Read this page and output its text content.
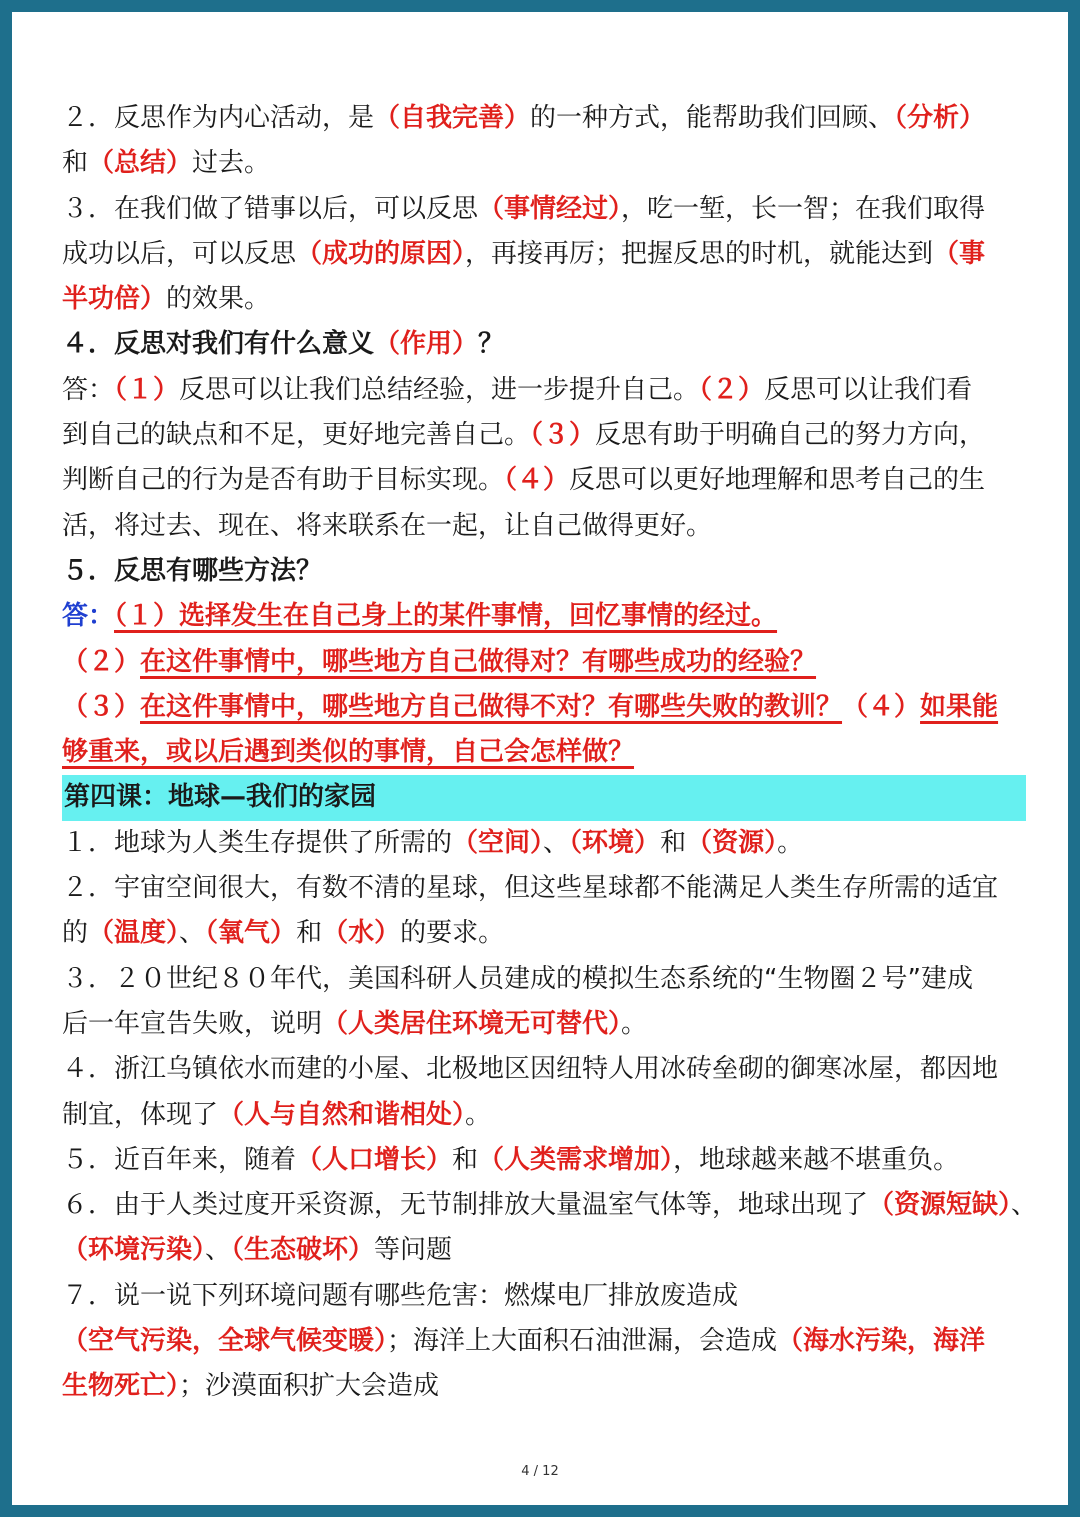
２．反思作为内心活动，是（自我完善）的一种方式，能帮助我们回顾、（分析）
和（总结）过去。
３．在我们做了错事以后，可以反思（事情经过），吃一堑，长一智；在我们取得
成功以后，可以反思（成功的原因），再接再厉；把握反思的时机，就能达到（事
半功倍）的效果。
４．反思对我们有什么意义（作用）？
答：（１）反思可以让我们总结经验，进一步提升自己。（２）反思可以让我们看
到自己的缺点和不足，更好地完善自己。（３）反思有助于明确自己的努力方向，
判断自己的行为是否有助于目标实现。（４）反思可以更好地理解和思考自己的生
活，将过去、现在、将来联系在一起，让自己做得更好。
５．反思有哪些方法？
答：（１）选择发生在自己身上的某件事情，回忆事情的经过。
（２）在这件事情中，哪些地方自己做得对？有哪些成功的经验？
（３）在这件事情中，哪些地方自己做得不对？有哪些失败的教训？（４）如果能
够重来，或以后遇到类似的事情，自己会怎样做？
第四课：地球—我们的家园
１．地球为人类生存提供了所需的（空间）、（环境）和（资源）。
２．宇宙空间很大，有数不清的星球，但这些星球都不能满足人类生存所需的适宜
的（温度）、（氧气）和（水）的要求。
３．２０世纪８０年代，美国科研人员建成的模拟生态系统的“生物圈２号”建成
后一年宣告失败，说明（人类居住环境无可替代）。
４．浙江乌镇依水而建的小屋、北极地区因纽特人用冰砖垒砌的御寒冰屋，都因地
制宜，体现了（人与自然和谐相处）。
５．近百年来，随着（人口增长）和（人类需求增加），地球越来越不堪重负。
６．由于人类过度开采资源，无节制排放大量温室气体等，地球出现了（资源短缺）、
（环境污染）、（生态破坏）等问题
７．说一说下列环境问题有哪些危害：燃煤电厂排放废造成
（空气污染，全球气候变暖）；海洋上大面积石油泄漏，会造成（海水污染，海洋
生物死亡）；沙漠面积扩大会造成
4 / 12
